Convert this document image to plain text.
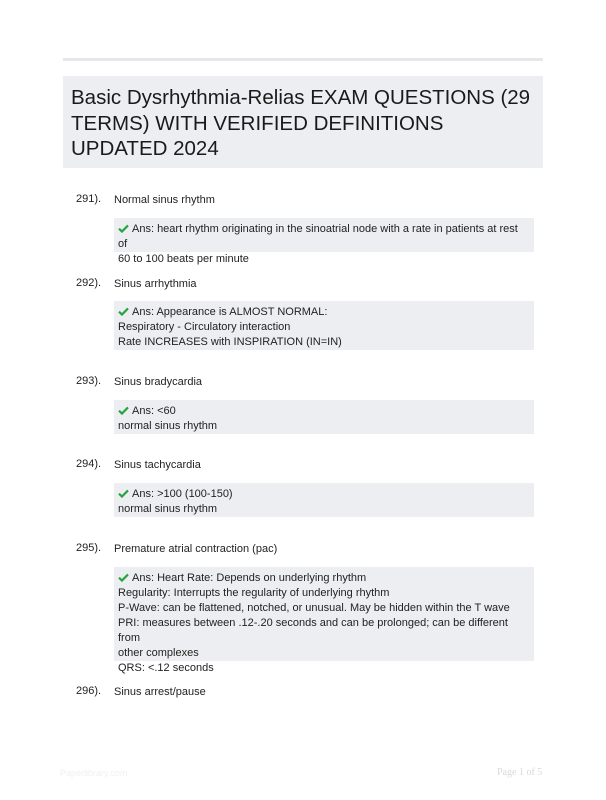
Basic Dysrhythmia-Relias EXAM QUESTIONS (29 TERMS) WITH VERIFIED DEFINITIONS UPDATED 2024
291). Normal sinus rhythm
Ans: heart rhythm originating in the sinoatrial node with a rate in patients at rest of
60 to 100 beats per minute
292). Sinus arrhythmia
Ans: Appearance is ALMOST NORMAL:
Respiratory - Circulatory interaction
Rate INCREASES with INSPIRATION (IN=IN)
293). Sinus bradycardia
Ans: <60
normal sinus rhythm
294). Sinus tachycardia
Ans: >100 (100-150)
normal sinus rhythm
295). Premature atrial contraction (pac)
Ans: Heart Rate: Depends on underlying rhythm
Regularity: Interrupts the regularity of underlying rhythm
P-Wave: can be flattened, notched, or unusual. May be hidden within the T wave
PRI: measures between .12-.20 seconds and can be prolonged; can be different from
other complexes
QRS: <.12 seconds
296). Sinus arrest/pause
Paperlibrary.com	Page 1 of 5
